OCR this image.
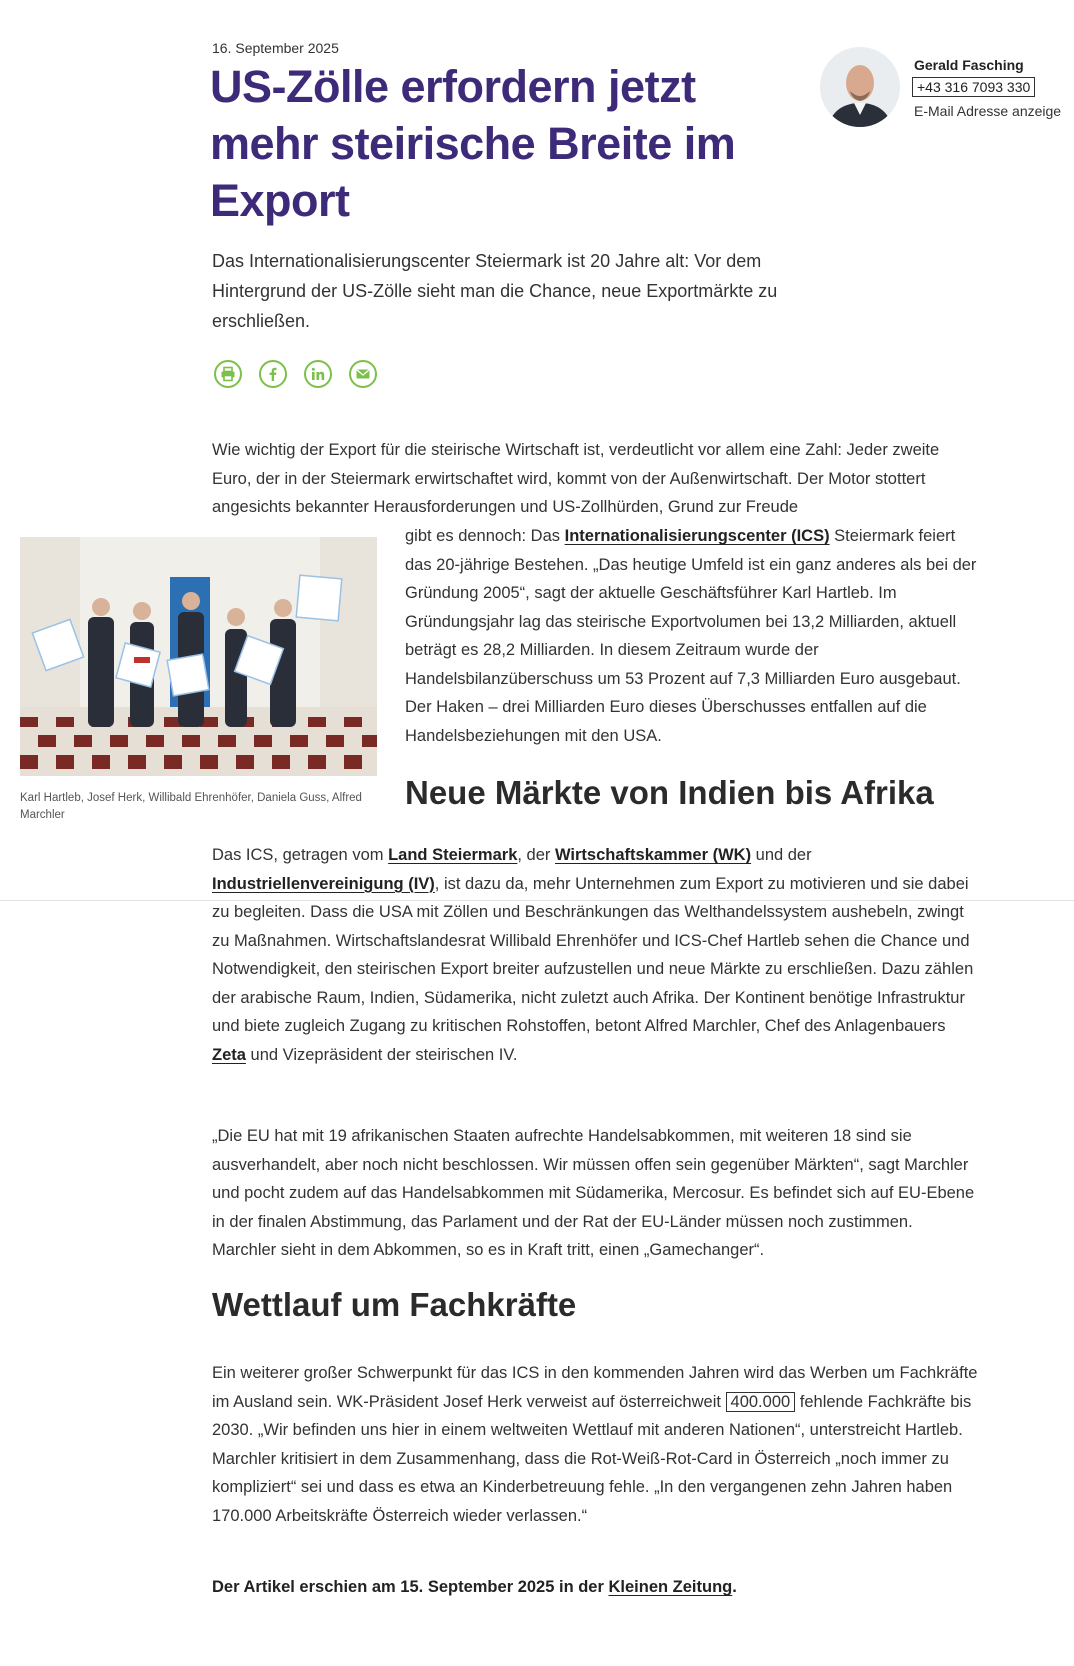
16. September 2025
US-Zölle erfordern jetzt mehr steirische Breite im Export

Das Internationalisierungscenter Steiermark ist 20 Jahre alt: Vor dem Hintergrund der US-Zölle sieht man die Chance, neue Exportmärkte zu erschließen.

Gerald Fasching
+43 316 7093 330
E-Mail Adresse anzeige

Wie wichtig der Export für die steirische Wirtschaft ist, verdeutlicht vor allem eine Zahl: Jeder zweite Euro, der in der Steiermark erwirtschaftet wird, kommt von der Außenwirtschaft. Der Motor stottert angesichts bekannter Herausforderungen und US-Zollhürden, Grund zur Freude

Karl Hartleb, Josef Herk, Willibald Ehrenhöfer, Daniela Guss, Alfred Marchler

gibt es dennoch: Das Internationalisierungscenter (ICS) Steiermark feiert das 20-jährige Bestehen. „Das heutige Umfeld ist ein ganz anderes als bei der Gründung 2005“, sagt der aktuelle Geschäftsführer Karl Hartleb. Im Gründungsjahr lag das steirische Exportvolumen bei 13,2 Milliarden, aktuell beträgt es 28,2 Milliarden. In diesem Zeitraum wurde der Handelsbilanzüberschuss um 53 Prozent auf 7,3 Milliarden Euro ausgebaut. Der Haken – drei Milliarden Euro dieses Überschusses entfallen auf die Handelsbeziehungen mit den USA.

Neue Märkte von Indien bis Afrika

Das ICS, getragen vom Land Steiermark, der Wirtschaftskammer (WK) und der Industriellenvereinigung (IV), ist dazu da, mehr Unternehmen zum Export zu motivieren und sie dabei zu begleiten. Dass die USA mit Zöllen und Beschränkungen das Welthandelssystem aushebeln, zwingt zu Maßnahmen. Wirtschaftslandesrat Willibald Ehrenhöfer und ICS-Chef Hartleb sehen die Chance und Notwendigkeit, den steirischen Export breiter aufzustellen und neue Märkte zu erschließen. Dazu zählen der arabische Raum, Indien, Südamerika, nicht zuletzt auch Afrika. Der Kontinent benötige Infrastruktur und biete zugleich Zugang zu kritischen Rohstoffen, betont Alfred Marchler, Chef des Anlagenbauers Zeta und Vizepräsident der steirischen IV.

„Die EU hat mit 19 afrikanischen Staaten aufrechte Handelsabkommen, mit weiteren 18 sind sie ausverhandelt, aber noch nicht beschlossen. Wir müssen offen sein gegenüber Märkten“, sagt Marchler und pocht zudem auf das Handelsabkommen mit Südamerika, Mercosur. Es befindet sich auf EU-Ebene in der finalen Abstimmung, das Parlament und der Rat der EU-Länder müssen noch zustimmen. Marchler sieht in dem Abkommen, so es in Kraft tritt, einen „Gamechanger“.

Wettlauf um Fachkräfte

Ein weiterer großer Schwerpunkt für das ICS in den kommenden Jahren wird das Werben um Fachkräfte im Ausland sein. WK-Präsident Josef Herk verweist auf österreichweit 400.000 fehlende Fachkräfte bis 2030. „Wir befinden uns hier in einem weltweiten Wettlauf mit anderen Nationen“, unterstreicht Hartleb. Marchler kritisiert in dem Zusammenhang, dass die Rot-Weiß-Rot-Card in Österreich „noch immer zu kompliziert“ sei und dass es etwa an Kinderbetreuung fehle. „In den vergangenen zehn Jahren haben 170.000 Arbeitskräfte Österreich wieder verlassen.“

Der Artikel erschien am 15. September 2025 in der Kleinen Zeitung.
